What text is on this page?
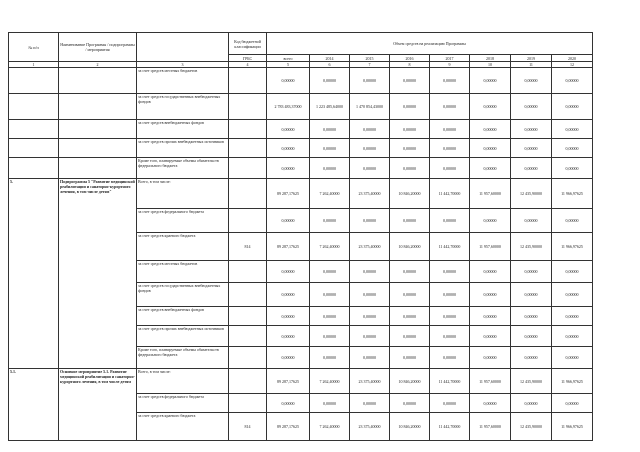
№ п/п	Наименование Программы / подпрограммы / мероприятия		Код бюджетной классификации	Объем средств на реализацию Программы							
			ГРБС	всего	2014	2015	2016	2017	2018	2019	2020
1	2	3	4	5	6	7	8	9	10	11	12
		за счет средств местных бюджетов		0,00000	0,00000	0,00000	0,00000	0,00000	0,00000	0,00000	0,00000
		за счет средств государственных внебюджетных фондов		2 783 483,37000	1 223 485,64000	1 470 854,43000	0,00000	0,00000	0,00000	0,00000	0,00000
		за счет средств внебюджетных фондов		0,00000	0,00000	0,00000	0,00000	0,00000	0,00000	0,00000	0,00000
		за счет средств прочих внебюджетных источников		0,00000	0,00000	0,00000	0,00000	0,00000	0,00000	0,00000	0,00000
		Кроме того, планируемые объемы обязательств федерального бюджета		0,00000	0,00000	0,00000	0,00000	0,00000	0,00000	0,00000	0,00000
5.	Подпрограмма 5 "Развитие медицинской реабилитации и санаторно-курортного лечения, в том числе детям"	Всего, в том числе:		89 287,17625	7 262,40000	23 375,40000	10 846,20000	11 442,70000	11 957,60000	12 435,90000	11 966,97625
		за счет средств федерального бюджета		0,00000	0,00000	0,00000	0,00000	0,00000	0,00000	0,00000	0,00000
		за счет средств краевого бюджета	814	89 287,17625	7 262,40000	23 375,40000	10 846,20000	11 442,70000	11 957,60000	12 435,90000	11 966,97625
		за счет средств местных бюджетов		0,00000	0,00000	0,00000	0,00000	0,00000	0,00000	0,00000	0,00000
		за счет средств государственных внебюджетных фондов		0,00000	0,00000	0,00000	0,00000	0,00000	0,00000	0,00000	0,00000
		за счет средств внебюджетных фондов		0,00000	0,00000	0,00000	0,00000	0,00000	0,00000	0,00000	0,00000
		за счет средств прочих внебюджетных источников		0,00000	0,00000	0,00000	0,00000	0,00000	0,00000	0,00000	0,00000
		Кроме того, планируемые объемы обязательств федерального бюджета		0,00000	0,00000	0,00000	0,00000	0,00000	0,00000	0,00000	0,00000
5.1.	Основное мероприятие 5.1. Развитие медицинской реабилитации и санаторно-курортного лечения, в том числе детям	Всего, в том числе:		89 287,17625	7 262,40000	23 375,40000	10 846,20000	11 442,70000	11 957,60000	12 435,90000	11 966,97625
		за счет средств федерального бюджета		0,00000	0,00000	0,00000	0,00000	0,00000	0,00000	0,00000	0,00000
		за счет средств краевого бюджета	814	89 287,17625	7 262,40000	23 375,40000	10 846,20000	11 442,70000	11 957,60000	12 435,90000	11 966,97625
